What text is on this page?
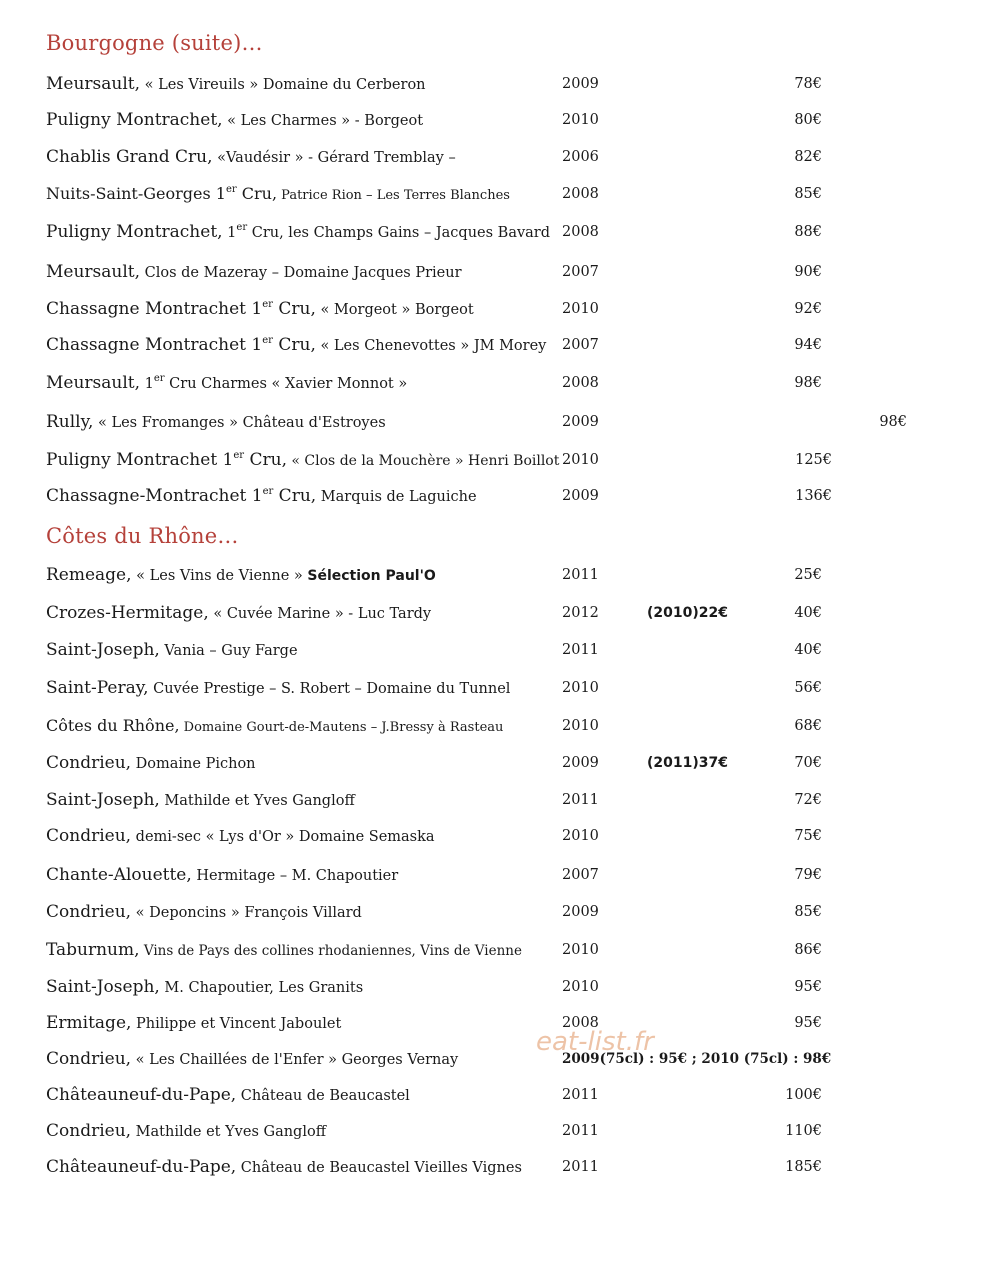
Bourgogne (suite)…
Meursault, « Les Vireuils » Domaine du Cerberon	2009	78€
Puligny Montrachet, « Les Charmes » - Borgeot	2010	80€
Chablis Grand Cru, «Vaudésir » - Gérard Tremblay –	2006	82€
Nuits-Saint-Georges 1er Cru, Patrice Rion – Les Terres Blanches	2008	85€
Puligny Montrachet, 1er Cru, les Champs Gains – Jacques Bavard 2008	88€
Meursault, Clos de Mazeray – Domaine Jacques Prieur	2007	90€
Chassagne Montrachet 1er Cru, « Morgeot » Borgeot	2010	92€
Chassagne Montrachet 1er Cru, « Les Chenevottes » JM Morey 2007	94€
Meursault, 1er Cru Charmes « Xavier Monnot »	2008	98€
Rully, « Les Fromanges » Château d'Estroyes	2009	98€
Puligny Montrachet 1er Cru, « Clos de la Mouchère » Henri Boillot 2010	125€
Chassagne-Montrachet 1er Cru, Marquis de Laguiche	2009	136€
Côtes du Rhône…
Remeage, « Les Vins de Vienne » Sélection Paul'O	2011	25€
Crozes-Hermitage, « Cuvée Marine » - Luc Tardy	2012	(2010)22€	40€
Saint-Joseph, Vania – Guy Farge	2011	40€
Saint-Peray, Cuvée Prestige – S. Robert – Domaine du Tunnel	2010	56€
Côtes du Rhône, Domaine Gourt-de-Mautens – J.Bressy à Rasteau	2010	68€
Condrieu, Domaine Pichon	2009	(2011)37€	70€
Saint-Joseph, Mathilde et Yves Gangloff	2011	72€
Condrieu, demi-sec « Lys d'Or » Domaine Semaska	2010	75€
Chante-Alouette, Hermitage – M. Chapoutier	2007	79€
Condrieu, « Deponcins » François Villard	2009	85€
Taburnum, Vins de Pays des collines rhodaniennes, Vins de Vienne	2010	86€
Saint-Joseph, M. Chapoutier, Les Granits	2010	95€
Ermitage, Philippe et Vincent Jaboulet	2008	95€
Condrieu, « Les Chaillées de l'Enfer » Georges Vernay	2009(75cl) : 95€ ; 2010 (75cl) : 98€
Châteauneuf-du-Pape, Château de Beaucastel	2011	100€
Condrieu, Mathilde et Yves Gangloff	2011	110€
Châteauneuf-du-Pape, Château de Beaucastel Vieilles Vignes	2011	185€
eat-list.fr
